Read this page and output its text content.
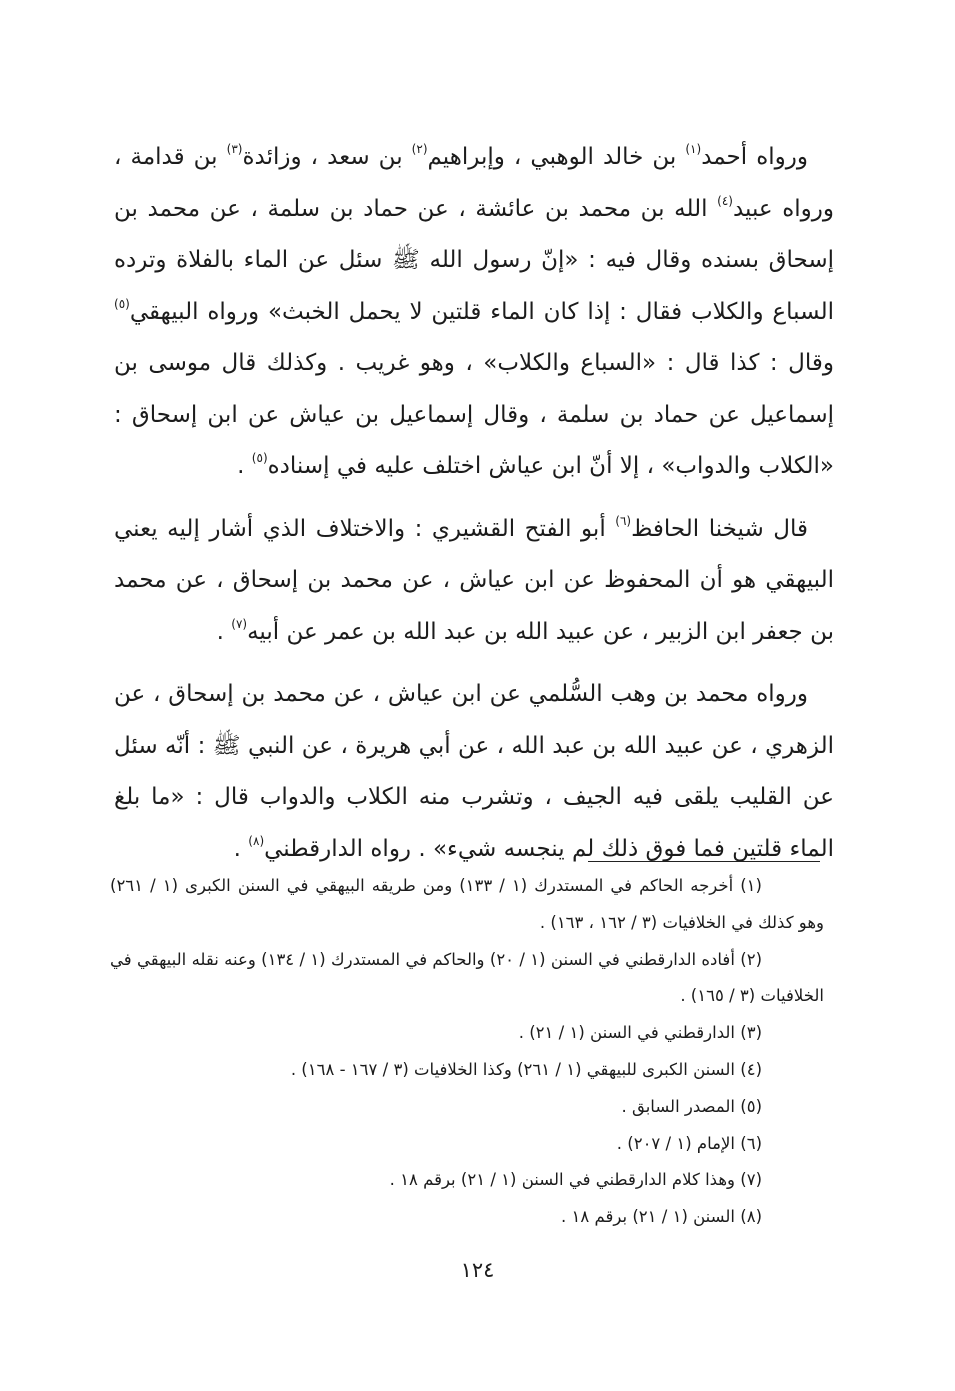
ورواه أحمد$^{(١)}$ بن خالد الوهبي ، وإبراهيم$^{(٢)}$ بن سعد ، وزائدة$^{(٣)}$ بن قدامة ، ورواه عبيد$^{(٤)}$ الله بن محمد بن عائشة ، عن حماد بن سلمة ، عن محمد بن إسحاق بسنده وقال فيه : «إنّ رسول الله ﷺ سئل عن الماء بالفلاة وترده السباع والكلاب فقال : إذا كان الماء قلتين لا يحمل الخبث» ورواه البيهقي$^{(٥)}$ وقال : كذا قال : «السباع والكلاب» ، وهو غريب . وكذلك قال موسى بن إسماعيل عن حماد بن سلمة ، وقال إسماعيل بن عياش عن ابن إسحاق : «الكلاب والدواب» ، إلا أنّ ابن عياش اختلف عليه في إسناده$^{(٥)}$ .

قال شيخنا الحافظ$^{(٦)}$ أبو الفتح القشيري : والاختلاف الذي أشار إليه يعني البيهقي هو أن المحفوظ عن ابن عياش ، عن محمد بن إسحاق ، عن محمد بن جعفر ابن الزبير ، عن عبيد الله بن عبد الله بن عمر عن أبيه$^{(٧)}$ .

ورواه محمد بن وهب السُّلمي عن ابن عياش ، عن محمد بن إسحاق ، عن الزهري ، عن عبيد الله بن عبد الله ، عن أبي هريرة ، عن النبي ﷺ : أنّه سئل عن القليب يلقى فيه الجيف ، وتشرب منه الكلاب والدواب قال : «ما بلغ الماء قلتين فما فوق ذلك لم ينجسه شيء» . رواه الدارقطني$^{(٨)}$ .

(١) أخرجه الحاكم في المستدرك (١ / ١٣٣) ومن طريقه البيهقي في السنن الكبرى (١ / ٢٦١) وهو كذلك في الخلافيات (٣ / ١٦٢ ، ١٦٣) .
(٢) أفاده الدارقطني في السنن (١ / ٢٠) والحاكم في المستدرك (١ / ١٣٤) وعنه نقله البيهقي في الخلافيات (٣ / ١٦٥) .
(٣) الدارقطني في السنن (١ / ٢١) .
(٤) السنن الكبرى للبيهقي (١ / ٢٦١) وكذا الخلافيات (٣ / ١٦٧ - ١٦٨) .
(٥) المصدر السابق .
(٦) الإمام (١ / ٢٠٧) .
(٧) وهذا كلام الدارقطني في السنن (١ / ٢١) برقم ١٨ .
(٨) السنن (١ / ٢١) برقم ١٨ .
١٢٤
